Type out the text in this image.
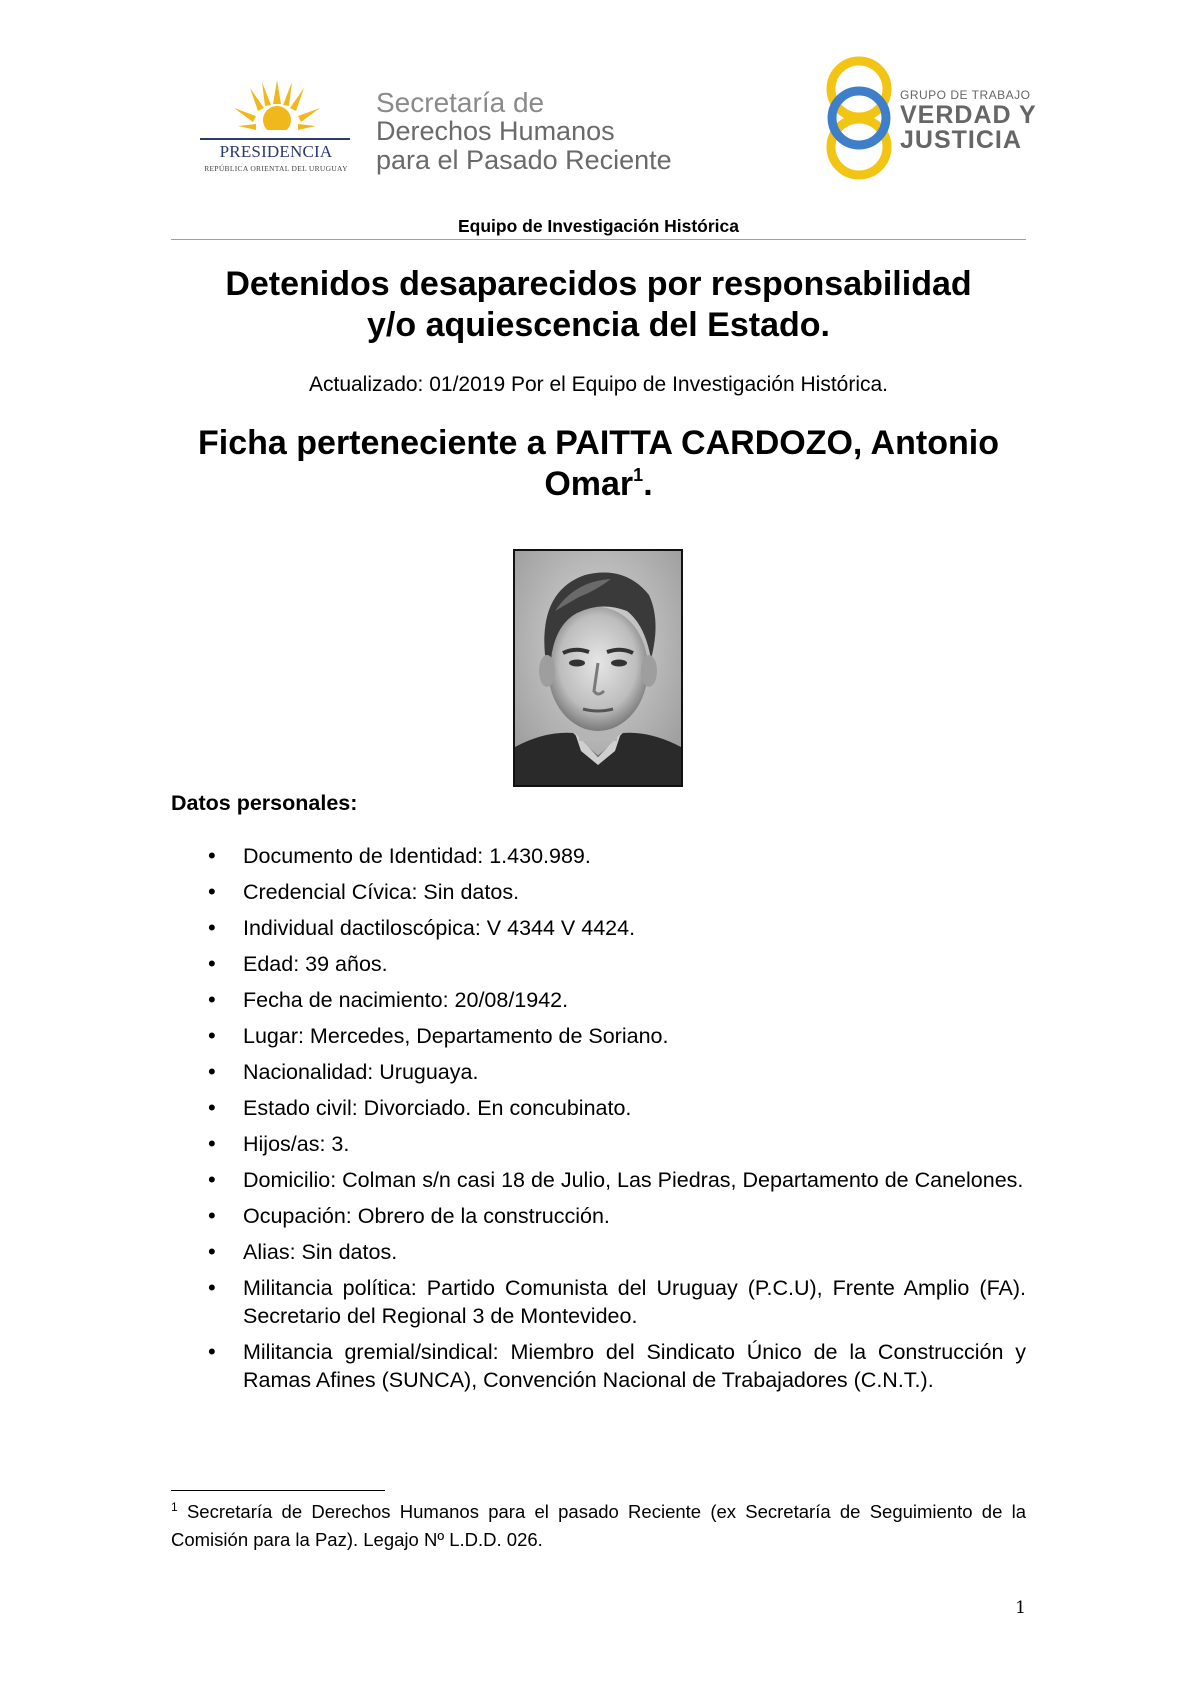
PRESIDENCIA
REPÚBLICA ORIENTAL DEL URUGUAY
Secretaría de
Derechos Humanos
para el Pasado Reciente
GRUPO DE TRABAJO
VERDAD Y
JUSTICIA
Equipo de Investigación Histórica
Detenidos desaparecidos por responsabilidad
y/o aquiescencia del Estado.
Actualizado: 01/2019 Por el Equipo de Investigación Histórica.
Ficha perteneciente a PAITTA CARDOZO, Antonio
Omar$^1$.
Datos personales:
• Documento de Identidad: 1.430.989.
• Credencial Cívica: Sin datos.
• Individual dactiloscópica: V 4344 V 4424.
• Edad: 39 años.
• Fecha de nacimiento: 20/08/1942.
• Lugar: Mercedes, Departamento de Soriano.
• Nacionalidad: Uruguaya.
• Estado civil: Divorciado. En concubinato.
• Hijos/as: 3.
• Domicilio: Colman s/n casi 18 de Julio, Las Piedras, Departamento de Canelones.
• Ocupación: Obrero de la construcción.
• Alias: Sin datos.
• Militancia política: Partido Comunista del Uruguay (P.C.U), Frente Amplio (FA). Secretario del Regional 3 de Montevideo.
• Militancia gremial/sindical: Miembro del Sindicato Único de la Construcción y Ramas Afines (SUNCA), Convención Nacional de Trabajadores (C.N.T.).
$^1$ Secretaría de Derechos Humanos para el pasado Reciente (ex Secretaría de Seguimiento de la Comisión para la Paz). Legajo Nº L.D.D. 026.
1
